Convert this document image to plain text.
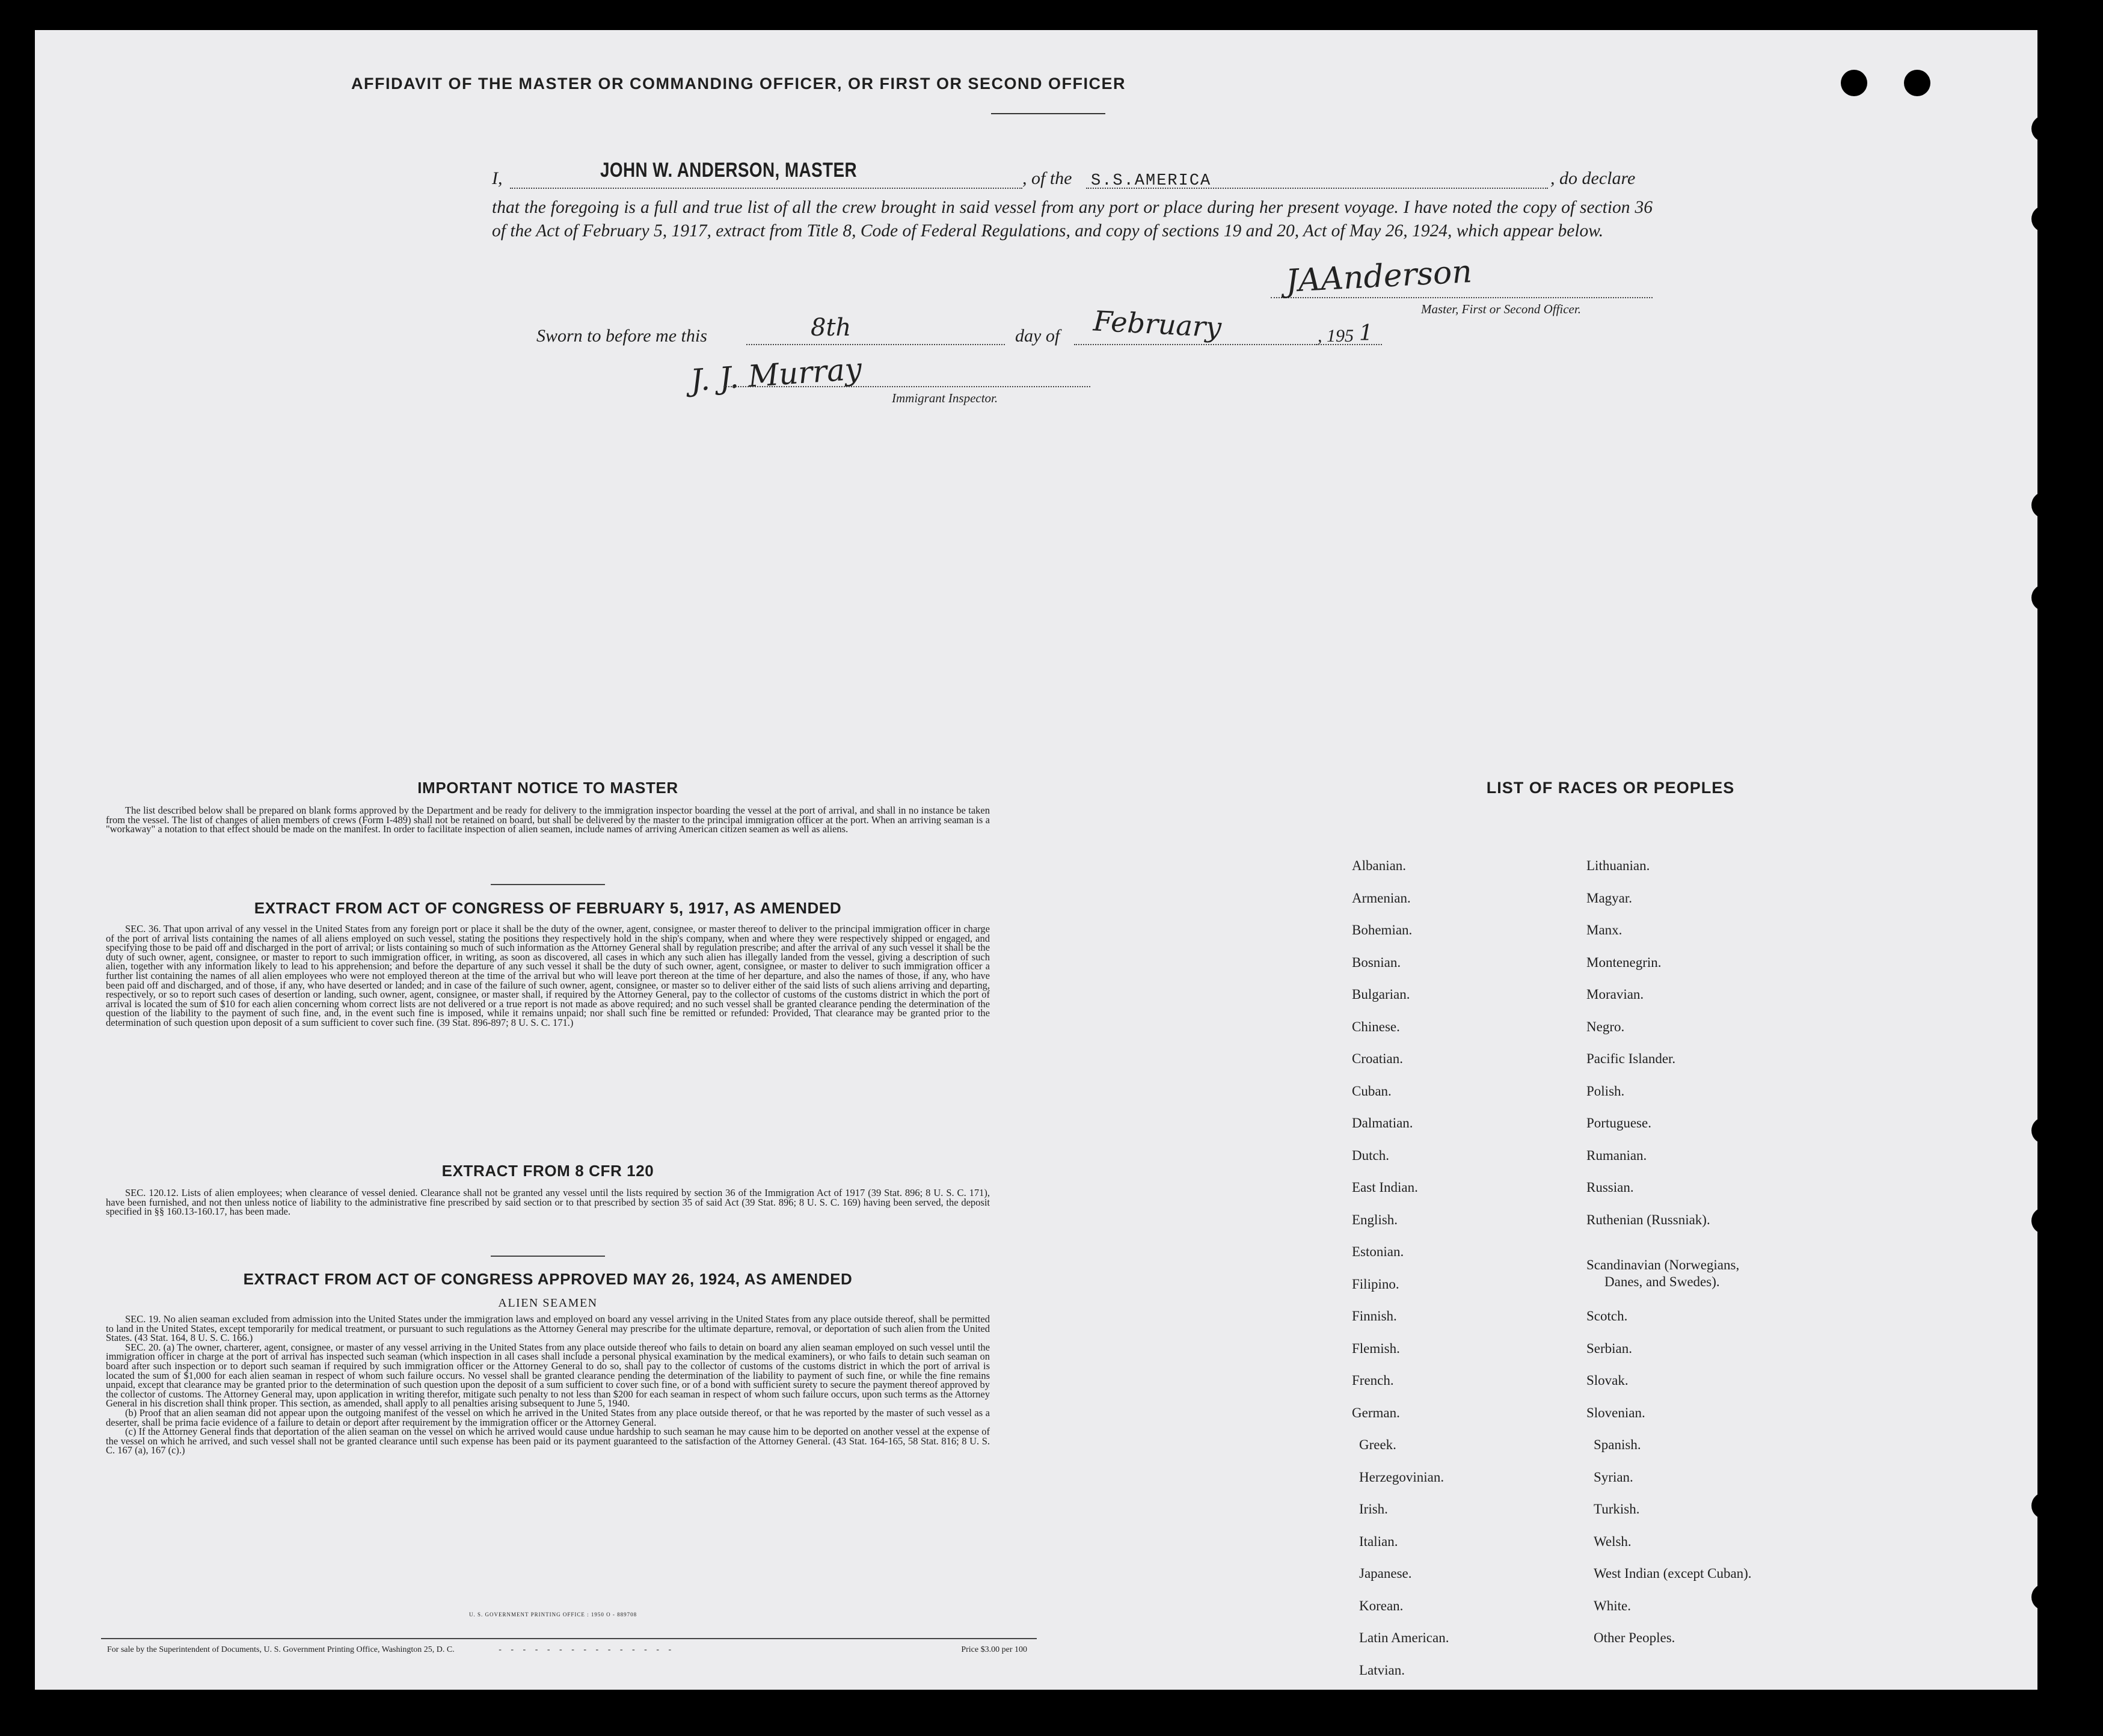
AFFIDAVIT OF THE MASTER OR COMMANDING OFFICER, OR FIRST OR SECOND OFFICER
I,	JOHN W. ANDERSON, MASTER	, of the S.S.AMERICA	, do declare
that the foregoing is a full and true list of all the crew brought in said vessel from any port or place during her present voyage. I have noted the copy of section 36 of the Act of February 5, 1917, extract from Title 8, Code of Federal Regulations, and copy of sections 19 and 20, Act of May 26, 1924, which appear below.
JAAnderson
Master, First or Second Officer.
Sworn to before me this	8th	day of February	, 195 1
J. J. Murray
Immigrant Inspector.
IMPORTANT NOTICE TO MASTER

The list described below shall be prepared on blank forms approved by the Department and be ready for delivery to the immigration inspector boarding the vessel at the port of arrival, and shall in no instance be taken from the vessel. The list of changes of alien members of crews (Form I-489) shall not be retained on board, but shall be delivered by the master to the principal immigration officer at the port. When an arriving seaman is a "workaway" a notation to that effect should be made on the manifest. In order to facilitate inspection of alien seamen, include names of arriving American citizen seamen as well as aliens.

EXTRACT FROM ACT OF CONGRESS OF FEBRUARY 5, 1917, AS AMENDED

SEC. 36. That upon arrival of any vessel in the United States from any foreign port or place it shall be the duty of the owner, agent, consignee, or master thereof to deliver to the principal immigration officer in charge of the port of arrival lists containing the names of all aliens employed on such vessel, stating the positions they respectively hold in the ship's company, when and where they were respectively shipped or engaged, and specifying those to be paid off and discharged in the port of arrival; or lists containing so much of such information as the Attorney General shall by regulation prescribe; and after the arrival of any such vessel it shall be the duty of such owner, agent, consignee, or master to report to such immigration officer, in writing, as soon as discovered, all cases in which any such alien has illegally landed from the vessel, giving a description of such alien, together with any information likely to lead to his apprehension; and before the departure of any such vessel it shall be the duty of such owner, agent, consignee, or master to deliver to such immigration officer a further list containing the names of all alien employees who were not employed thereon at the time of the arrival but who will leave port thereon at the time of her departure, and also the names of those, if any, who have been paid off and discharged, and of those, if any, who have deserted or landed; and in case of the failure of such owner, agent, consignee, or master so to deliver either of the said lists of such aliens arriving and departing, respectively, or so to report such cases of desertion or landing, such owner, agent, consignee, or master shall, if required by the Attorney General, pay to the collector of customs of the customs district in which the port of arrival is located the sum of $10 for each alien concerning whom correct lists are not delivered or a true report is not made as above required; and no such vessel shall be granted clearance pending the determination of the question of the liability to the payment of such fine, and, in the event such fine is imposed, while it remains unpaid; nor shall such fine be remitted or refunded: Provided, That clearance may be granted prior to the determination of such question upon deposit of a sum sufficient to cover such fine. (39 Stat. 896-897; 8 U. S. C. 171.)

EXTRACT FROM 8 CFR 120

SEC. 120.12. Lists of alien employees; when clearance of vessel denied. Clearance shall not be granted any vessel until the lists required by section 36 of the Immigration Act of 1917 (39 Stat. 896; 8 U. S. C. 171), have been furnished, and not then unless notice of liability to the administrative fine prescribed by said section or to that prescribed by section 35 of said Act (39 Stat. 896; 8 U. S. C. 169) having been served, the deposit specified in §§ 160.13-160.17, has been made.

EXTRACT FROM ACT OF CONGRESS APPROVED MAY 26, 1924, AS AMENDED
ALIEN SEAMEN

SEC. 19. No alien seaman excluded from admission into the United States under the immigration laws and employed on board any vessel arriving in the United States from any place outside thereof, shall be permitted to land in the United States, except temporarily for medical treatment, or pursuant to such regulations as the Attorney General may prescribe for the ultimate departure, removal, or deportation of such alien from the United States. (43 Stat. 164, 8 U. S. C. 166.)

SEC. 20. (a) The owner, charterer, agent, consignee, or master of any vessel arriving in the United States from any place outside thereof who fails to detain on board any alien seaman employed on such vessel until the immigration officer in charge at the port of arrival has inspected such seaman (which inspection in all cases shall include a personal physical examination by the medical examiners), or who fails to detain such seaman on board after such inspection or to deport such seaman if required by such immigration officer or the Attorney General to do so, shall pay to the collector of customs of the customs district in which the port of arrival is located the sum of $1,000 for each alien seaman in respect of whom such failure occurs. No vessel shall be granted clearance pending the determination of the liability to payment of such fine, or while the fine remains unpaid, except that clearance may be granted prior to the determination of such question upon the deposit of a sum sufficient to cover such fine, or of a bond with sufficient surety to secure the payment thereof approved by the collector of customs. The Attorney General may, upon application in writing therefor, mitigate such penalty to not less than $200 for each seaman in respect of whom such failure occurs, upon such terms as the Attorney General in his discretion shall think proper. This section, as amended, shall apply to all penalties arising subsequent to June 5, 1940.

(b) Proof that an alien seaman did not appear upon the outgoing manifest of the vessel on which he arrived in the United States from any place outside thereof, or that he was reported by the master of such vessel as a deserter, shall be prima facie evidence of a failure to detain or deport after requirement by the immigration officer or the Attorney General.

(c) If the Attorney General finds that deportation of the alien seaman on the vessel on which he arrived would cause undue hardship to such seaman he may cause him to be deported on another vessel at the expense of the vessel on which he arrived, and such vessel shall not be granted clearance until such expense has been paid or its payment guaranteed to the satisfaction of the Attorney General. (43 Stat. 164-165, 58 Stat. 816; 8 U. S. C. 167 (a), 167 (c).)

U. S. GOVERNMENT PRINTING OFFICE : 1950 O - 889708
For sale by the Superintendent of Documents, U. S. Government Printing Office, Washington 25, D. C.	- - - - - - - - - - - - - - -	Price $3.00 per 100
LIST OF RACES OR PEOPLES
Albanian.
Armenian.
Bohemian.
Bosnian.
Bulgarian.
Chinese.
Croatian.
Cuban.
Dalmatian.
Dutch.
East Indian.
English.
Estonian.
Filipino.
Finnish.
Flemish.
French.
German.
Greek.
Herzegovinian.
Irish.
Italian.
Japanese.
Korean.
Latin American.
Latvian.
Lithuanian.
Magyar.
Manx.
Montenegrin.
Moravian.
Negro.
Pacific Islander.
Polish.
Portuguese.
Rumanian.
Russian.
Ruthenian (Russniak).
Scandinavian (Norwegians,
Danes, and Swedes).
Scotch.
Serbian.
Slovak.
Slovenian.
Spanish.
Syrian.
Turkish.
Welsh.
West Indian (except Cuban).
White.
Other Peoples.
